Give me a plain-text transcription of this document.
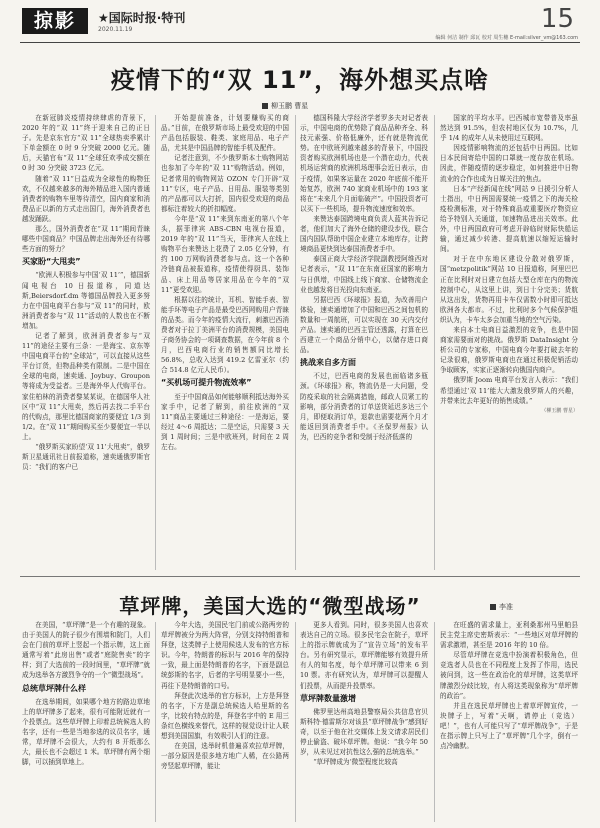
掠影	★国际时报·特刊
2020.11.19	15
编辑 何洁 制作 邱瓦 校对 周生穗 E-mail:silver_vm@163.com
疫情下的“双 11”，海外想买点啥
柳玉鹏 曹星

在新冠肺炎疫情持续肆虐的背景下，2020 年的“双 11”终于迎来自己的正日子。先是京东官方“双 11”全球热卖季累计下单金额在 0 时 9 分突破 2000 亿元。随后，天猫官布“双 11”全球狂欢季成交额在 0 时 30 分突破 3723 亿元。

随着“双 11”日益成为全球性的购物狂欢，不仅越来越多的海外精品进入国内普通消费者的购物车里等待清空，国内商家和消费品正以新的方式走出国门，海外消费者也越发踊跃。

那么，国外消费者在“双 11”期间青睐哪些中国商品？中国品牌走出海外还有待哪些方面的努力？

买家盼“大甩卖”

“欧洲人积极参与中国‘双 11’”，德国新闻电视台 10 日报道称，同道达斯,Beiersdorf.dm 等德国品牌投入更多努力在中国电商平台参与“双 11”的同时，欧洲消费者参与“双 11”活动的人数也在不断增加。

记者了解到，欧洲消费者参与“双 11”的途径主要有三条：一是海宝、京东等中国电商平台的“全球站”，可以直接从这些平台订货，但物品种类有限制。二是中国在全球的电商，速卖通、Joybuy、Groupon 等将成为受益者。三是海外华人代购平台。家住柏林的消费者黎某某说，在德国华人社区中“双 11”大甩卖，然后再去找二手平台的代购点，那里比德国商家的要便宜 1/3 到 1/2。在“双 11”期间购买至少要便宜一半以上。

“俄罗斯买家盼望‘双 11’大甩卖”，俄罗斯卫星通讯社日前报道称，速卖通俄罗斯官员：“我们的客户已

开始提前准备，计划要赚购买的商品。”目前，在俄罗斯市场上最受欢迎的中国产品包括服装、鞋类、家庭用品、电子产品，尤其是中国品牌的智能手机及配件。

记者注意到，不少俄罗斯本土购物网站也参加了今年的“双 11”购物活动。例如，记者常用的购物网站 OZON 专门开辟“双 11”专区，电子产品、日用品、服装等类别的产品都可以大打折，国内很受欢迎的商品都标注着较大的折扣幅度。

今年是“双 11”来到东南亚的第八个年头，据菲律宾 ABS-CBN 电视台报道，2019 年的“双 11”当天，菲律宾人在线上购物平台来赞达上花费了 2.05 亿分钟，有约 100 万网购消费者参与点。这一个各种冷链商品被报道称，疫情使得厨具、装饰品、床上用品等居家用品在今年的“双 11”更受欢迎。

根据以往的统计，耳机、智能手表、智能手环等电子产品是最受巴西网购用户青睐的品类。而今年的疫情大流行，刺激巴西消费者对于拉丁美洲平台的消费规模，美国电子商务协会的一项调查数据，在今年前 8 个月，巴西电商行业的销售额同比增长 56.8%，总收入达到 419.2 亿雷亚尔（约合 514.8 亿元人民币）。

“买机场可提升物流效率”

至于中国商品如何能够顺利抵达海外买家手中，记者了解到，前往欧洲的“双 11”商品主要通过三种途径：一是海运，要经过 4～6 周抵达；二是空运，只需要 3 天到 1 周时间；三是中欧班列，时间在 2 周左右。

德国科隆大学经济学者罗多夫对记者表示，中国电商的优势除了商品品种齐全、科技元素强、价格低廉外，还有就是物流优势。在中欧班列越来越多的背景下，中国投资者购买欧洲机场也是一个潜在动力，代表机场运营商的欧洲机场理事会近日表示，由于疫情，如果客运量在 2020 年底前不能开始复苏，欧洲 740 家商业机场中的 193 家将在“未来几个月面临破产”。中国投资者可以买下一些机场，提升物流速度和效率。

来赞达泰国跨境电商负责人蓝其告诉记者，他们加大了海外仓储的建设步伐，联合国内国队帮助中国企业建立本地库存，让跨境商品更快到达泰国消费者手中。

泰国正商大学经济学院副教授阿维西对记者表示，“双 11”在东南亚国家的影响力与日俱增，中国线上线下商家、仓储物流企业也越发将目光投向东南亚。

另据巴西《环球报》报道，为改善用户体验，速卖通增加了中国和巴西之间包机的数量和一周航班，可以实现在 30 天内交付产品。速卖通的巴西主管还透露，打算在巴西建立一个商品分销中心，以储存进口商品。

挑战来自多方面

不过，巴西电商的发展也面临诸多瓶颈。《环球报》称，物流仍是一大问题，受防疫采取的社会隔离措施，邮政人员紧工的影响，部分消费者的订单送货延迟多达三个月，即便取消订单，退款也需要花两个月才能返回到消费者手中。《圣保罗州报》认为，巴西的竞争者和受制于经济低落的

国家的平均水平。巴西城市宽带普及率虽然达到 91.5%，但农村地区仅为 10.7%，几乎 1/4 的成年人从未使用过互联网。

因疫情影响物流的还包括中日两国。比如日本民间寄给中国的口罩就一度存放在机场。因此，伴随疫情的逐步稳定，如何推进中日物流业的合作也成为日媒关注的焦点。

日本“产经新闻在线”网站 9 日援引分析人士指出，中日两国需要统一疫情之下的海关检疫检测标准，对于特殊商品或重要医疗物资应给予特别入关通道，加速物品进出关效率。此外，中日两国政府可考虑开辟临时财际快船运输，通过减少转港、提高航速以缩短运输时间。

对于在中东地区建设分散对俄罗斯，国“metzpolitik”网站 10 日报道称，阿里巴巴正在比利时对日建立包括大型仓库在内的物流控制中心，从这里上讲，到日十分完美；货航从这出发，货物再用卡车仅需数小时即可抵达欧洲各大都市。不过，比利时多个气候保护组织认为，卡车太多会加重当地的空气污染。

来自本土电商日益激烈的竞争，也是中国商家需要面对的挑战。俄罗斯 DataInsight 分析公司的专家称，中国电商今年要打破去年的记录很难，俄罗斯电商也在通过积极促销活动争取顾客，实家正逐渐转向俄国内商户。

俄罗斯 Joom 电商平台发言人表示：“我们希望通过‘双 11’能大大激发俄罗斯人的兴趣，并带来比去年更好的销售成绩。”

（柳玉鹏 曹星）

草坪牌，美国大选的“微型战场”	李准

在美国，“草坪牌”是一个有趣的现象。由于美国人的院子很少有围墙和院门，人们会在门前的草坪上竖起一个指示牌，这上面通常写着“此房出售”或者“庭院售卖”的字样；到了大选前的一段时间里，“草坪牌”就成为选举各方激烈争夺的一个“微型战场”。

总统草坪牌什么样

在选举期间，如果哪个地方的路边草地上的草坪牌多了起来，很有可能附近就有一个投票点。这些草坪牌上印着总统候选人的名字，还有一些是当地参选的议员名字，通常，草坪牌不会很大，大约有 8 开纸那么大，最长也不会超过 1 米。草坪牌有两个细脚，可以插到草地上。

今年大选，美国民宅门前或公路两旁的草坪牌被分为两大阵营，分别支持特朗普和拜登，这类牌子上使用候选人发布的官方标识。今年，特朗普的标识与 2016 年的保持一致，最上面是特朗普的名字，下面是副总统彭斯的名字，后者的字号明显要小一些，再往下是特朗普的口号。

拜登此次选举的官方标识，上方是拜登的名字，下方是副总统候选人哈里斯的名字，比较有特点的是，拜登名字中的 E 用三条红色横线来替代，这样的视觉设计让人联想到美国国旗，有效吸引人们的注意。

在美国，选举时机普遍喜欢拉草坪牌，一部分原因是很多地方地广人稀，在公路两旁竖起草坪牌，能让

更多人看到。同时，很多美国人也喜欢表达自己的立场。很多民宅会在院子，草坪上的指示牌就成为了“宣告立场”的发布平台。另有研究显示，草坪牌能够有效提升所有人的知名度，每个草坪牌可以带来 6 到 10 票。亦有研究认为，草坪牌可以提醒人们投票，从而提升投票率。

草坪牌数量激增

佛罗里达州高地县警察局公共信息官贝斯科特·德雷斯尔对该县“草坪牌战争”感到好奇，以至于他在社交媒体上发文请求居民们停止偷盗、破坏草坪牌。他说：“我今年 50 岁，从未见过对抗性这么强的总统选举。”

“草坪牌成为‘微型程度比较高

在旺盛的需求量上，亚利桑那州马里帕县民主党主席史密斯表示：“一些地区对草坪牌的需求激增，甚至是 2016 年的 10 倍。

尽管草坪牌在竞选中扮演着积极角色，但竞选者人员也在不同程度上发挥了作用，选民被问到，这一些在政治化的草坪牌，这类草坪牌激烈分歧比较，有人将这类现象称为“草坪牌的政治”。

并且在选民草坪牌也上着草坪牌宣传，一块牌子上，写着“天啊，请停止（竞选）吧！”，也有人可能只写了“草坪牌战争”，于是在指示牌上只写上了“草坪牌”几个字，倒有一点冷幽默。
